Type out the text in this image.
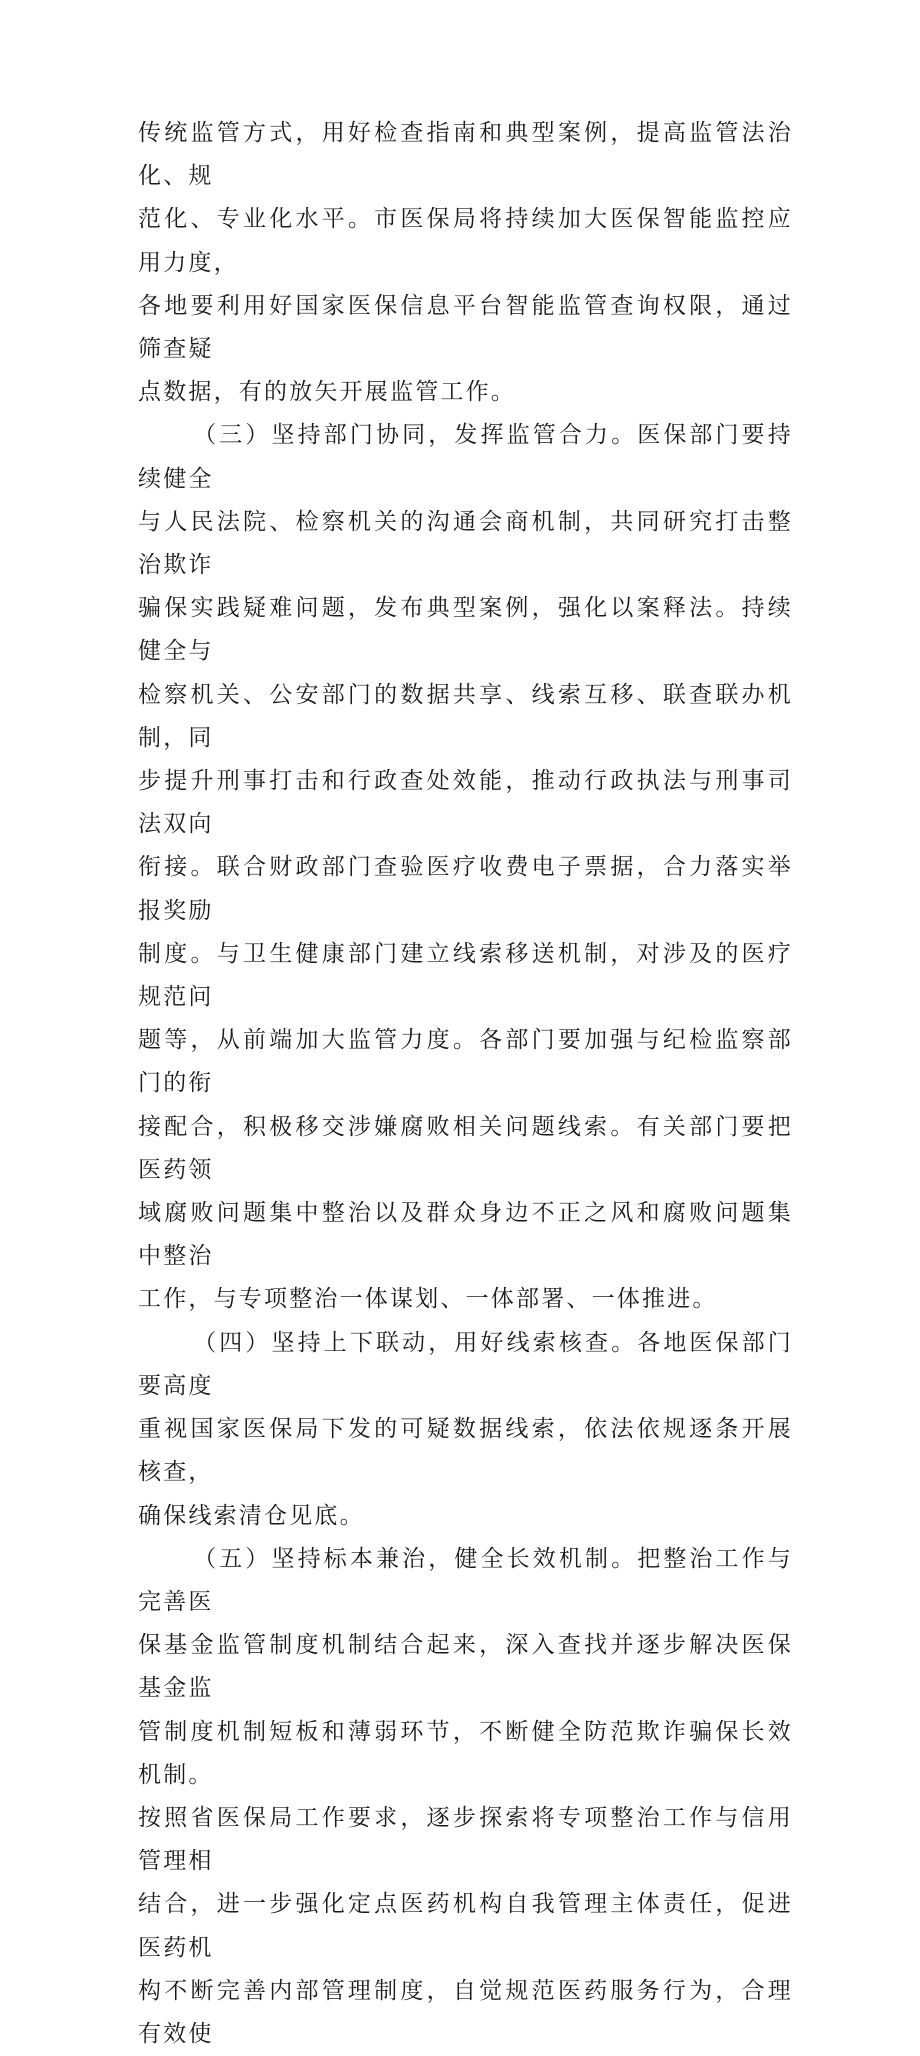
传统监管方式，用好检查指南和典型案例，提高监管法治化、规
范化、专业化水平。市医保局将持续加大医保智能监控应用力度，
各地要利用好国家医保信息平台智能监管查询权限，通过筛查疑
点数据，有的放矢开展监管工作。

（三）坚持部门协同，发挥监管合力。医保部门要持续健全
与人民法院、检察机关的沟通会商机制，共同研究打击整治欺诈
骗保实践疑难问题，发布典型案例，强化以案释法。持续健全与
检察机关、公安部门的数据共享、线索互移、联查联办机制，同
步提升刑事打击和行政查处效能，推动行政执法与刑事司法双向
衔接。联合财政部门查验医疗收费电子票据，合力落实举报奖励
制度。与卫生健康部门建立线索移送机制，对涉及的医疗规范问
题等，从前端加大监管力度。各部门要加强与纪检监察部门的衔
接配合，积极移交涉嫌腐败相关问题线索。有关部门要把医药领
域腐败问题集中整治以及群众身边不正之风和腐败问题集中整治
工作，与专项整治一体谋划、一体部署、一体推进。

（四）坚持上下联动，用好线索核查。各地医保部门要高度
重视国家医保局下发的可疑数据线索，依法依规逐条开展核查，
确保线索清仓见底。

（五）坚持标本兼治，健全长效机制。把整治工作与完善医
保基金监管制度机制结合起来，深入查找并逐步解决医保基金监
管制度机制短板和薄弱环节，不断健全防范欺诈骗保长效机制。
按照省医保局工作要求，逐步探索将专项整治工作与信用管理相
结合，进一步强化定点医药机构自我管理主体责任，促进医药机
构不断完善内部管理制度，自觉规范医药服务行为，合理有效使
